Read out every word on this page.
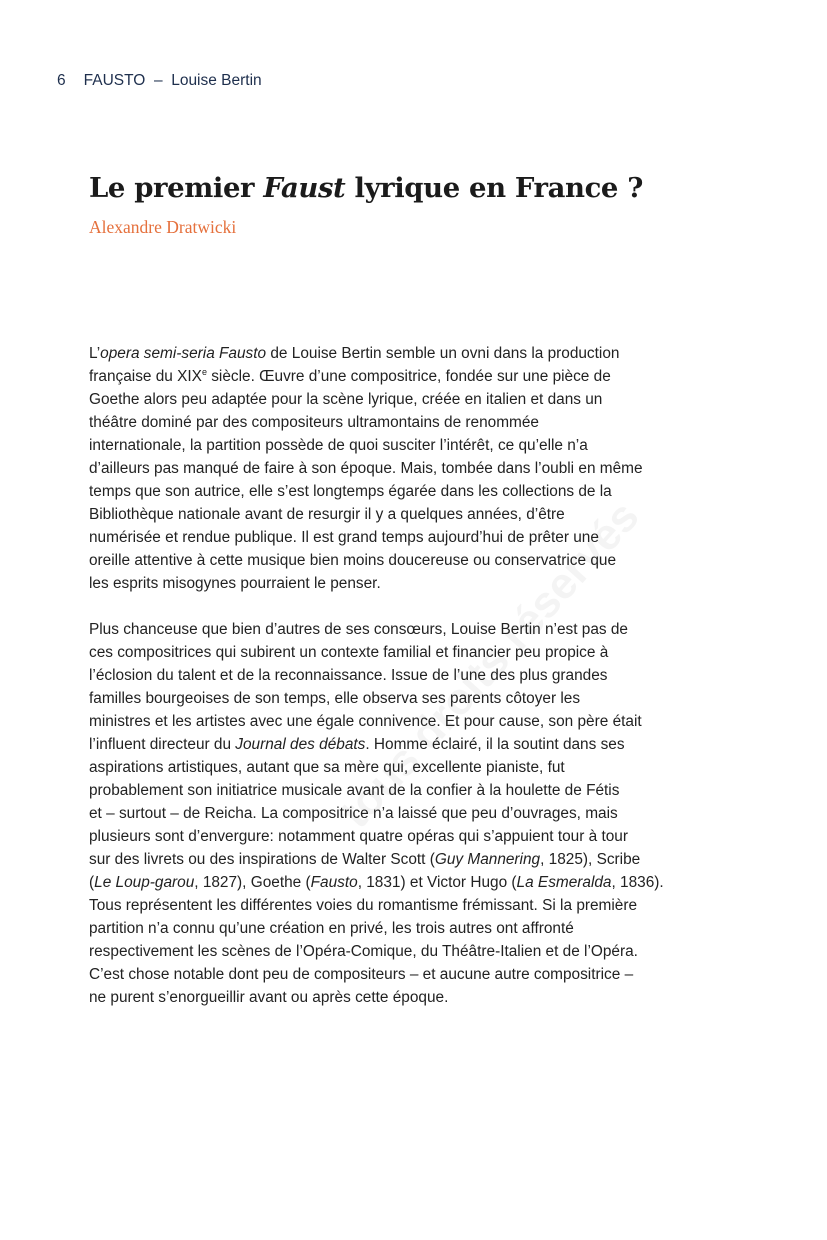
6 FAUSTO  –  Louise Bertin
Le premier Faust lyrique en France ?
Alexandre Dratwicki

L’opera semi-seria Fausto de Louise Bertin semble un ovni dans la production
française du XIXe siècle. Œuvre d’une compositrice, fondée sur une pièce de
Goethe alors peu adaptée pour la scène lyrique, créée en italien et dans un
théâtre dominé par des compositeurs ultramontains de renommée
internationale, la partition possède de quoi susciter l’intérêt, ce qu’elle n’a
d’ailleurs pas manqué de faire à son époque. Mais, tombée dans l’oubli en même
temps que son autrice, elle s’est longtemps égarée dans les collections de la
Bibliothèque nationale avant de resurgir il y a quelques années, d’être
numérisée et rendue publique. Il est grand temps aujourd’hui de prêter une
oreille attentive à cette musique bien moins doucereuse ou conservatrice que
les esprits misogynes pourraient le penser.

Plus chanceuse que bien d’autres de ses consœurs, Louise Bertin n’est pas de
ces compositrices qui subirent un contexte familial et financier peu propice à
l’éclosion du talent et de la reconnaissance. Issue de l’une des plus grandes
familles bourgeoises de son temps, elle observa ses parents côtoyer les
ministres et les artistes avec une égale connivence. Et pour cause, son père était
l’influent directeur du Journal des débats. Homme éclairé, il la soutint dans ses
aspirations artistiques, autant que sa mère qui, excellente pianiste, fut
probablement son initiatrice musicale avant de la confier à la houlette de Fétis
et – surtout – de Reicha. La compositrice n’a laissé que peu d’ouvrages, mais
plusieurs sont d’envergure: notamment quatre opéras qui s’appuient tour à tour
sur des livrets ou des inspirations de Walter Scott (Guy Mannering, 1825), Scribe
(Le Loup-garou, 1827), Goethe (Fausto, 1831) et Victor Hugo (La Esmeralda, 1836).
Tous représentent les différentes voies du romantisme frémissant. Si la première
partition n’a connu qu’une création en privé, les trois autres ont affronté
respectivement les scènes de l’Opéra-Comique, du Théâtre-Italien et de l’Opéra.
C’est chose notable dont peu de compositeurs – et aucune autre compositrice –
ne purent s’enorgueillir avant ou après cette époque.
